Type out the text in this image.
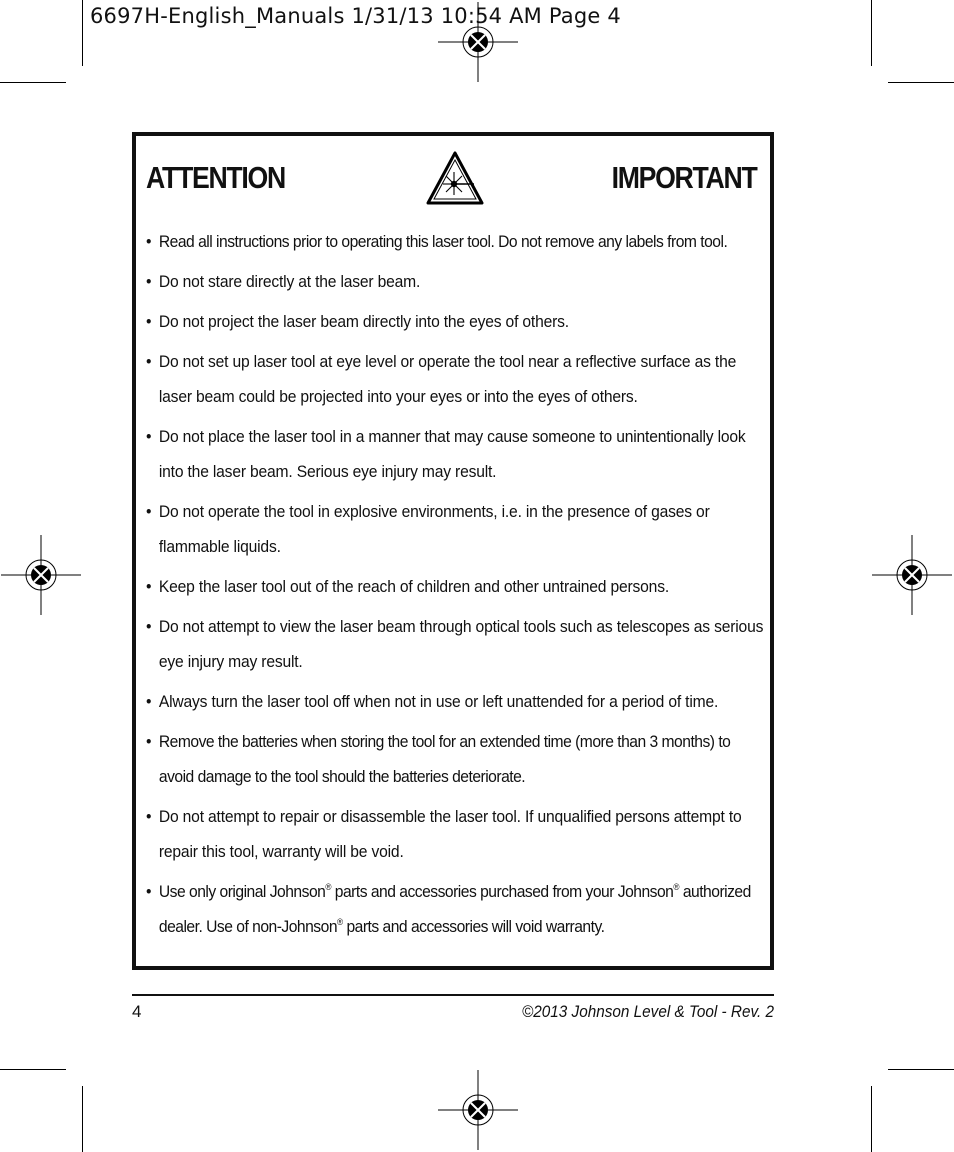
6697H-English_Manuals 1/31/13 10:54 AM Page 4
ATTENTION	IMPORTANT
• Read all instructions prior to operating this laser tool. Do not remove any labels from tool.
• Do not stare directly at the laser beam.
• Do not project the laser beam directly into the eyes of others.
• Do not set up laser tool at eye level or operate the tool near a reflective surface as the laser beam could be projected into your eyes or into the eyes of others.
• Do not place the laser tool in a manner that may cause someone to unintentionally look into the laser beam. Serious eye injury may result.
• Do not operate the tool in explosive environments, i.e. in the presence of gases or flammable liquids.
• Keep the laser tool out of the reach of children and other untrained persons.
• Do not attempt to view the laser beam through optical tools such as telescopes as serious eye injury may result.
• Always turn the laser tool off when not in use or left unattended for a period of time.
• Remove the batteries when storing the tool for an extended time (more than 3 months) to avoid damage to the tool should the batteries deteriorate.
• Do not attempt to repair or disassemble the laser tool. If unqualified persons attempt to repair this tool, warranty will be void.
• Use only original Johnson® parts and accessories purchased from your Johnson® authorized dealer. Use of non-Johnson® parts and accessories will void warranty.
4	©2013 Johnson Level & Tool - Rev. 2
